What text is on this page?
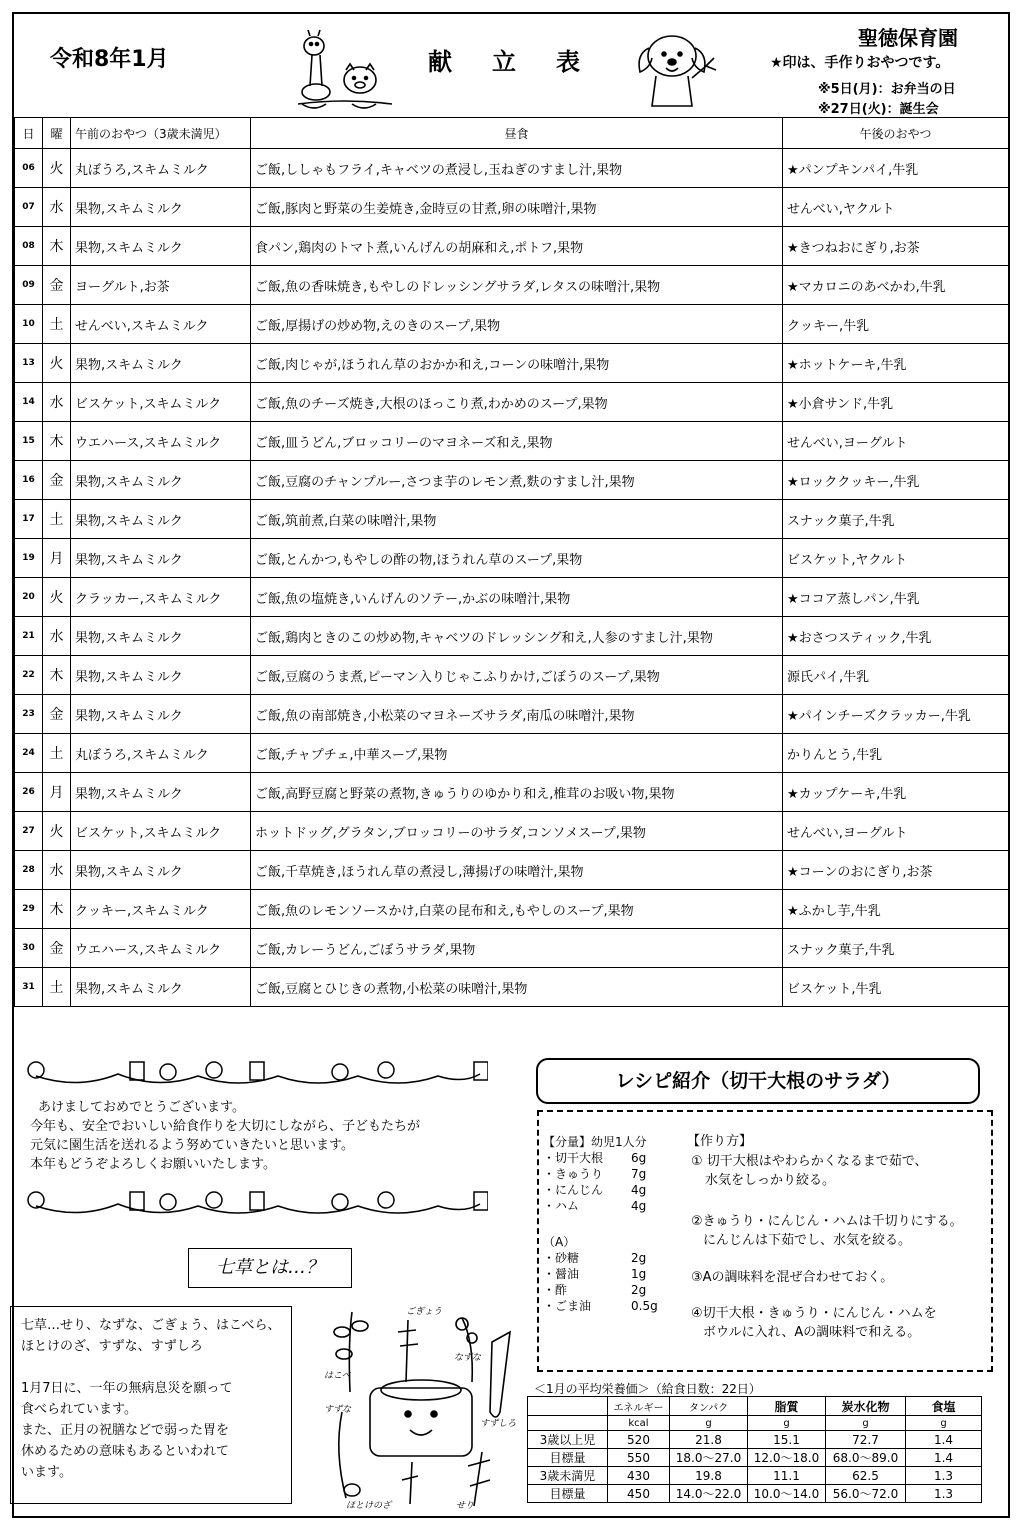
令和8年1月	献立表
聖徳保育園
★印は、手作りおやつです。
※5日(月)：お弁当の日
※27日(火)：誕生会
日	曜	午前のおやつ（3歳未満児）	昼食	午後のおやつ
06	火	丸ぼうろ,スキムミルク	ご飯,ししゃもフライ,キャベツの煮浸し,玉ねぎのすまし汁,果物	★パンプキンパイ,牛乳
07	水	果物,スキムミルク	ご飯,豚肉と野菜の生姜焼き,金時豆の甘煮,卵の味噌汁,果物	せんべい,ヤクルト
08	木	果物,スキムミルク	食パン,鶏肉のトマト煮,いんげんの胡麻和え,ポトフ,果物	★きつねおにぎり,お茶
09	金	ヨーグルト,お茶	ご飯,魚の香味焼き,もやしのドレッシングサラダ,レタスの味噌汁,果物	★マカロニのあべかわ,牛乳
10	土	せんべい,スキムミルク	ご飯,厚揚げの炒め物,えのきのスープ,果物	クッキー,牛乳
13	火	果物,スキムミルク	ご飯,肉じゃが,ほうれん草のおかか和え,コーンの味噌汁,果物	★ホットケーキ,牛乳
14	水	ビスケット,スキムミルク	ご飯,魚のチーズ焼き,大根のほっこり煮,わかめのスープ,果物	★小倉サンド,牛乳
15	木	ウエハース,スキムミルク	ご飯,皿うどん,ブロッコリーのマヨネーズ和え,果物	せんべい,ヨーグルト
16	金	果物,スキムミルク	ご飯,豆腐のチャンプルー,さつま芋のレモン煮,麩のすまし汁,果物	★ロッククッキー,牛乳
17	土	果物,スキムミルク	ご飯,筑前煮,白菜の味噌汁,果物	スナック菓子,牛乳
19	月	果物,スキムミルク	ご飯,とんかつ,もやしの酢の物,ほうれん草のスープ,果物	ビスケット,ヤクルト
20	火	クラッカー,スキムミルク	ご飯,魚の塩焼き,いんげんのソテー,かぶの味噌汁,果物	★ココア蒸しパン,牛乳
21	水	果物,スキムミルク	ご飯,鶏肉ときのこの炒め物,キャベツのドレッシング和え,人参のすまし汁,果物	★おさつスティック,牛乳
22	木	果物,スキムミルク	ご飯,豆腐のうま煮,ピーマン入りじゃこふりかけ,ごぼうのスープ,果物	源氏パイ,牛乳
23	金	果物,スキムミルク	ご飯,魚の南部焼き,小松菜のマヨネーズサラダ,南瓜の味噌汁,果物	★パインチーズクラッカー,牛乳
24	土	丸ぼうろ,スキムミルク	ご飯,チャプチェ,中華スープ,果物	かりんとう,牛乳
26	月	果物,スキムミルク	ご飯,高野豆腐と野菜の煮物,きゅうりのゆかり和え,椎茸のお吸い物,果物	★カップケーキ,牛乳
27	火	ビスケット,スキムミルク	ホットドッグ,グラタン,ブロッコリーのサラダ,コンソメスープ,果物	せんべい,ヨーグルト
28	水	果物,スキムミルク	ご飯,千草焼き,ほうれん草の煮浸し,薄揚げの味噌汁,果物	★コーンのおにぎり,お茶
29	木	クッキー,スキムミルク	ご飯,魚のレモンソースかけ,白菜の昆布和え,もやしのスープ,果物	★ふかし芋,牛乳
30	金	ウエハース,スキムミルク	ご飯,カレーうどん,ごぼうサラダ,果物	スナック菓子,牛乳
31	土	果物,スキムミルク	ご飯,豆腐とひじきの煮物,小松菜の味噌汁,果物	ビスケット,牛乳
あけましておめでとうございます。
今年も、安全でおいしい給食作りを大切にしながら、子どもたちが
元気に園生活を送れるよう努めていきたいと思います。
本年もどうぞよろしくお願いいたします。
七草とは…？
七草…せり、なずな、ごぎょう、はこべら、
ほとけのざ、すずな、すずしろ
1月7日に、一年の無病息災を願って
食べられています。
また、正月の祝膳などで弱った胃を
休めるための意味もあるといわれて
います。
ごぎょう
なずな
はこべ
すずな
すずしろ
ほとけのざ	せり
レシピ紹介（切干大根のサラダ）
【分量】幼児1人分
・切干大根 6g
・きゅうり 7g
・にんじん 4g
・ハム	4g
（A）
・砂糖	2g
・醤油	1g
・酢	2g
・ごま油	0.5g
【作り方】
① 切干大根はやわらかくなるまで茹で、
水気をしっかり絞る。
②きゅうり・にんじん・ハムは千切りにする。
にんじんは下茹でし、水気を絞る。
③Aの調味料を混ぜ合わせておく。
④切干大根・きゅうり・にんじん・ハムを
ボウルに入れ、Aの調味料で和える。
＜1月の平均栄養価＞（給食日数：22日）
	エネルギー	タンパク	脂質	炭水化物	食塩
	kcal	g	g	g	g
3歳以上児	520	21.8	15.1	72.7	1.4
目標量	550	18.0～27.0	12.0～18.0	68.0～89.0	1.4
3歳未満児	430	19.8	11.1	62.5	1.3
目標量	450	14.0～22.0	10.0～14.0	56.0～72.0	1.3
